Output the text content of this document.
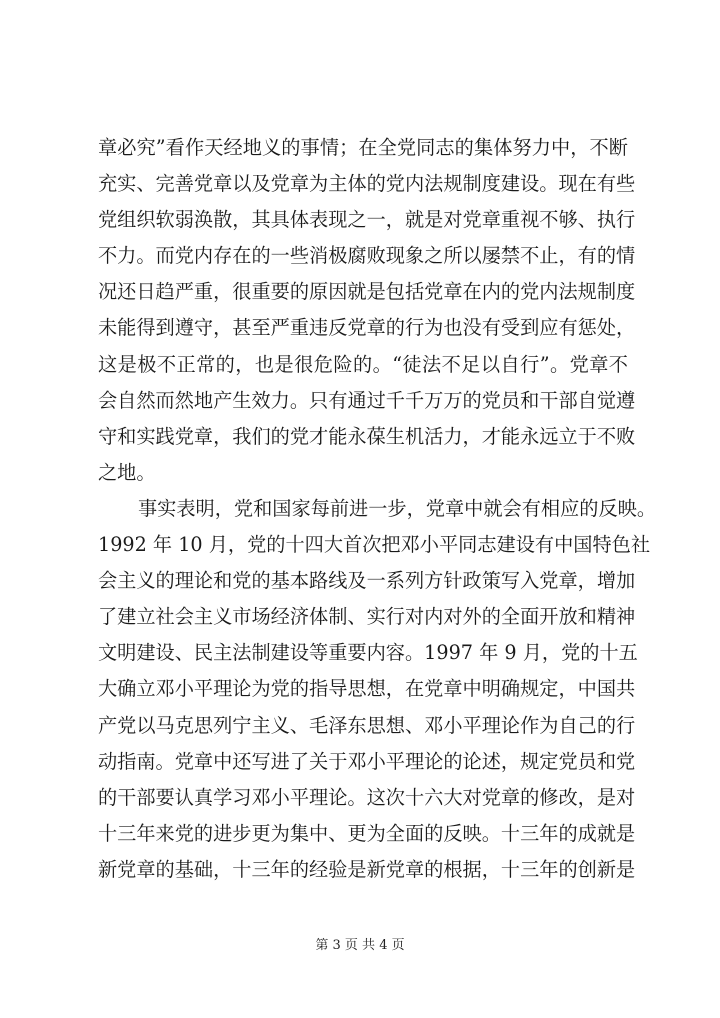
章必究”看作天经地义的事情；在全党同志的集体努力中，不断
充实、完善党章以及党章为主体的党内法规制度建设。现在有些
党组织软弱涣散，其具体表现之一，就是对党章重视不够、执行
不力。而党内存在的一些消极腐败现象之所以屡禁不止，有的情
况还日趋严重，很重要的原因就是包括党章在内的党内法规制度
未能得到遵守，甚至严重违反党章的行为也没有受到应有惩处，
这是极不正常的，也是很危险的。“徒法不足以自行”。党章不
会自然而然地产生效力。只有通过千千万万的党员和干部自觉遵
守和实践党章，我们的党才能永葆生机活力，才能永远立于不败
之地。
事实表明，党和国家每前进一步，党章中就会有相应的反映。
1992 年 10 月，党的十四大首次把邓小平同志建设有中国特色社
会主义的理论和党的基本路线及一系列方针政策写入党章，增加
了建立社会主义市场经济体制、实行对内对外的全面开放和精神
文明建设、民主法制建设等重要内容。1997 年 9 月，党的十五
大确立邓小平理论为党的指导思想，在党章中明确规定，中国共
产党以马克思列宁主义、毛泽东思想、邓小平理论作为自己的行
动指南。党章中还写进了关于邓小平理论的论述，规定党员和党
的干部要认真学习邓小平理论。这次十六大对党章的修改，是对
十三年来党的进步更为集中、更为全面的反映。十三年的成就是
新党章的基础，十三年的经验是新党章的根据，十三年的创新是
第 3 页 共 4 页
